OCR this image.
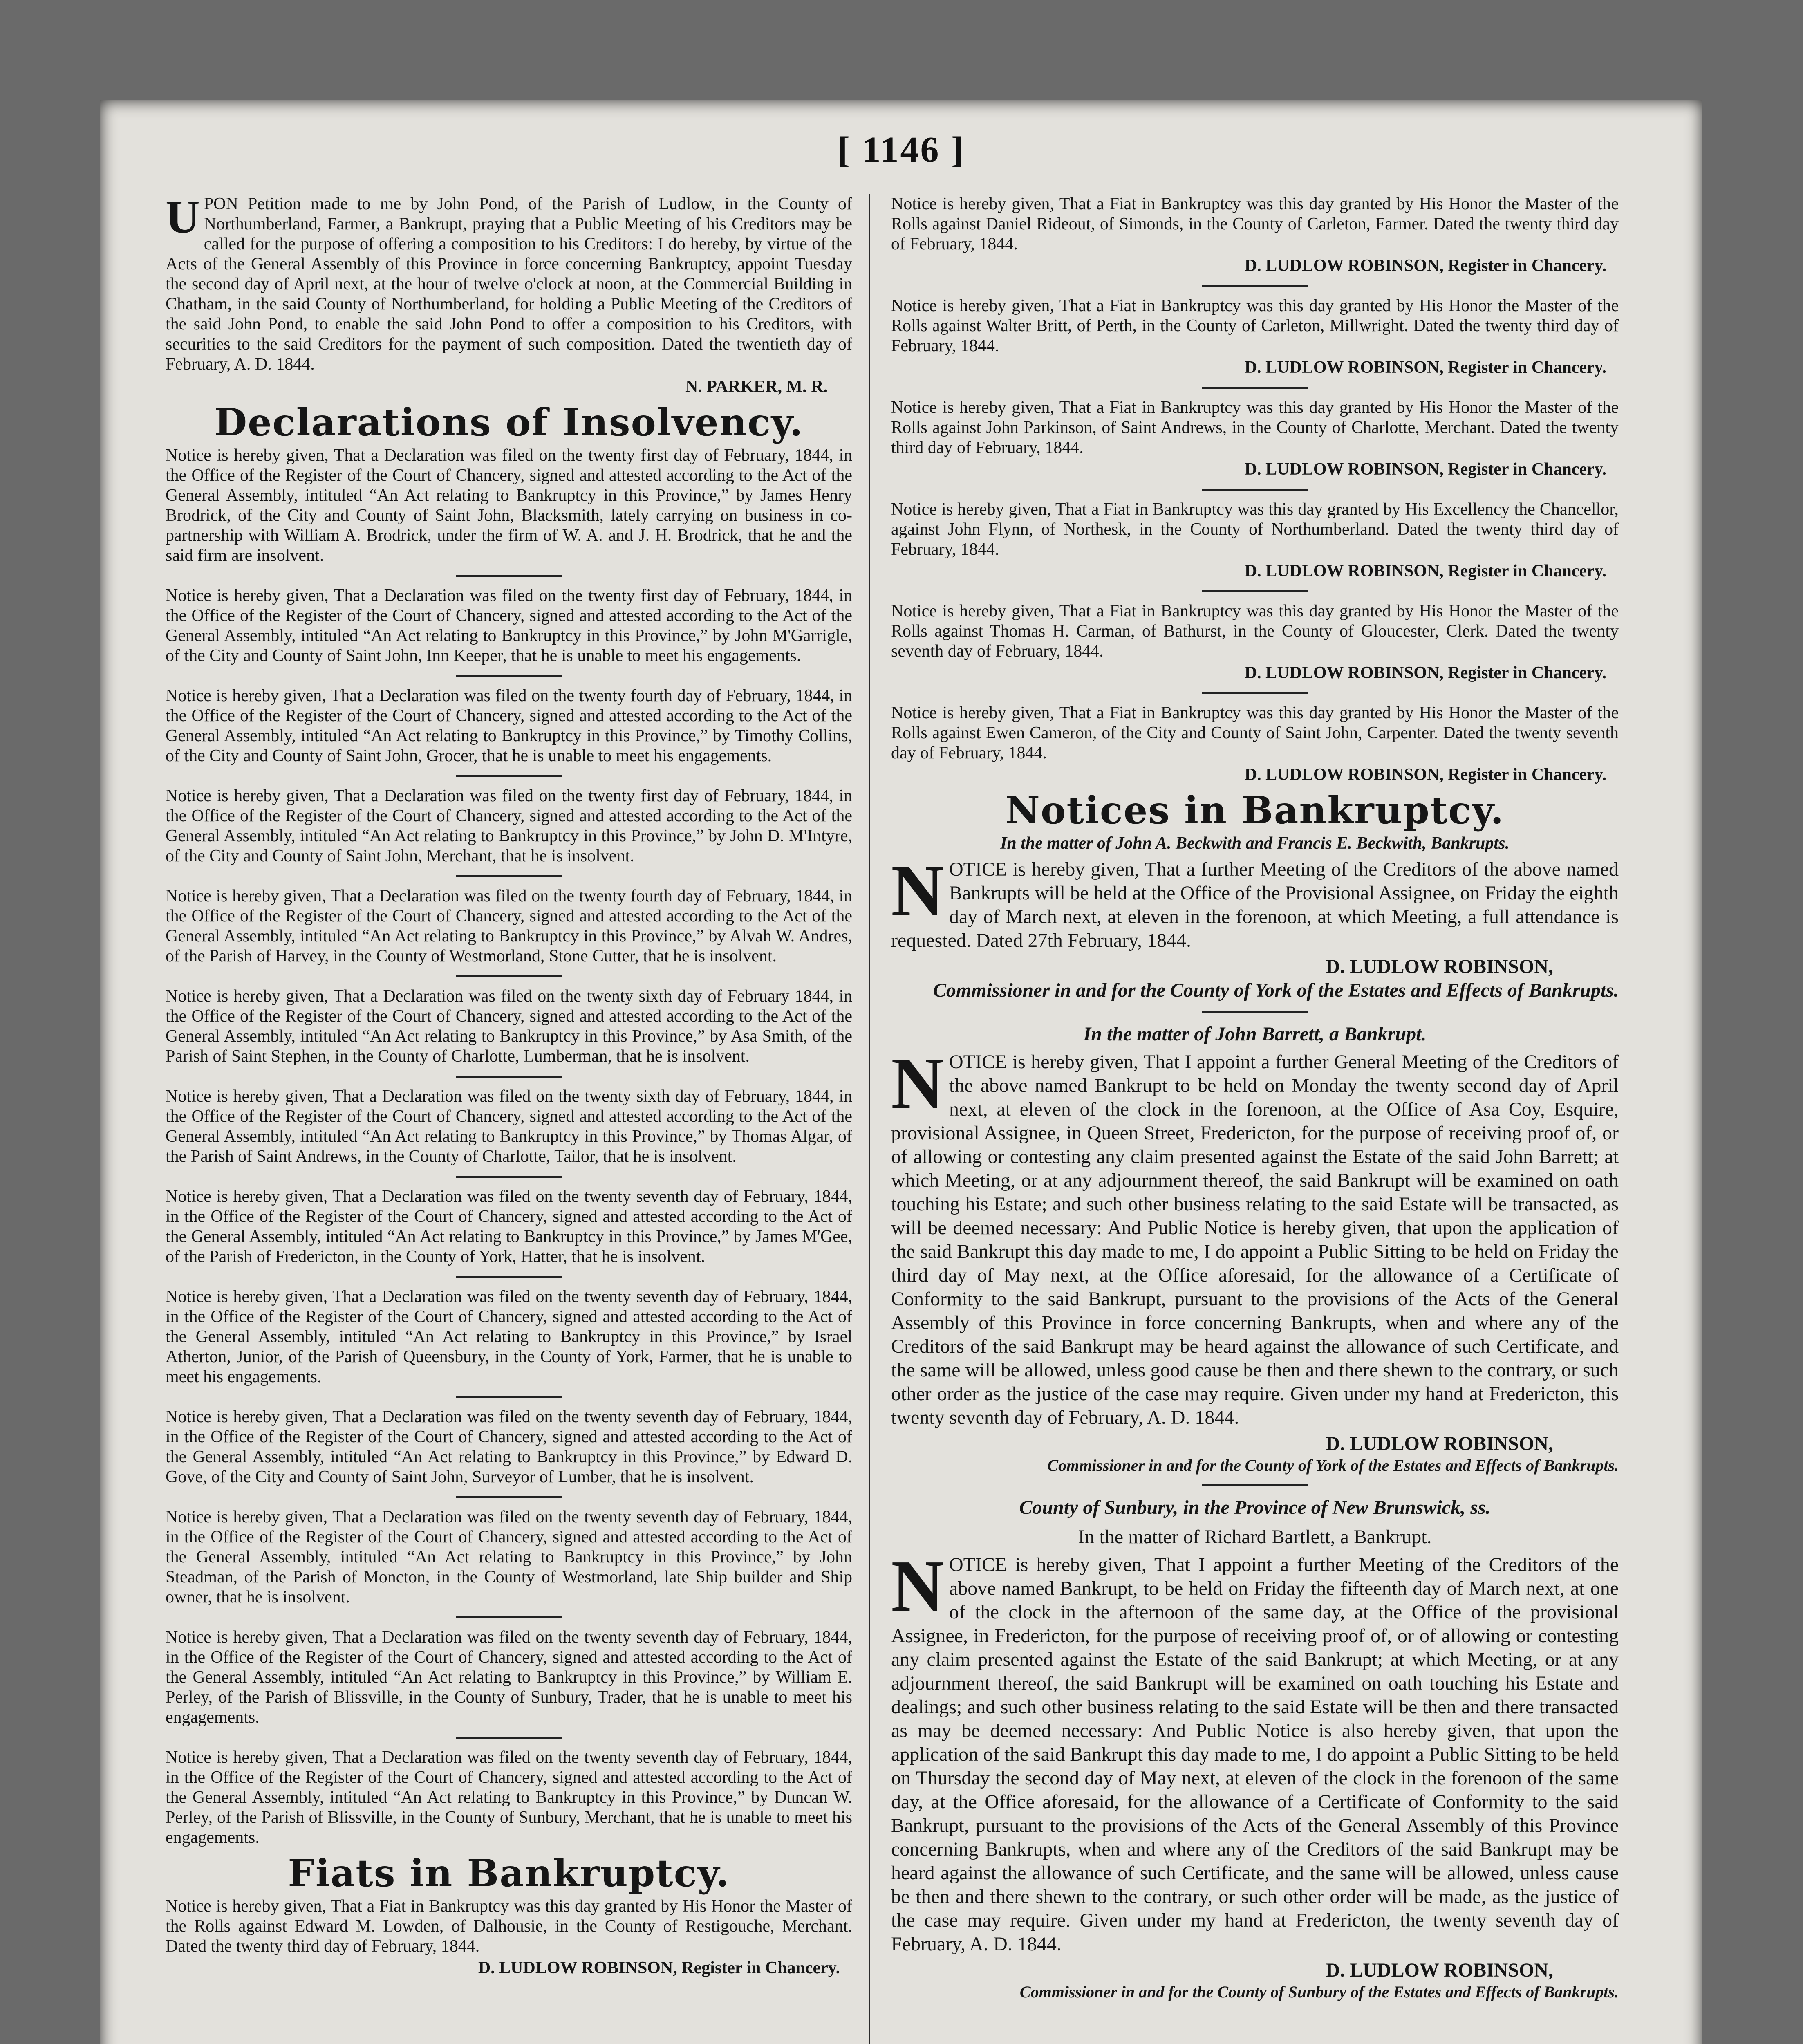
[ 1146 ]
U PON Petition made to me by John Pond, of the Parish of Ludlow, in the County of Northumberland, Farmer, a Bankrupt, praying that a Public Meeting of his Creditors may be called for the purpose of offering a composition to his Creditors: I do hereby, by virtue of the Acts of the General Assembly of this Province in force concerning Bankruptcy, appoint Tuesday the second day of April next, at the hour of twelve o'clock at noon, at the Commercial Building in Chatham, in the said County of Northumberland, for holding a Public Meeting of the Creditors of the said John Pond, to enable the said John Pond to offer a composition to his Creditors, with securities to the said Creditors for the payment of such composition. Dated the twentieth day of February, A. D. 1844.

N. PARKER, M. R.

Declarations of Insolvency.

Notice is hereby given, That a Declaration was filed on the twenty first day of February, 1844, in the Office of the Register of the Court of Chancery, signed and attested according to the Act of the General Assembly, intituled “An Act relating to Bankruptcy in this Province,” by James Henry Brodrick, of the City and County of Saint John, Blacksmith, lately carrying on business in co-partnership with William A. Brodrick, under the firm of W. A. and J. H. Brodrick, that he and the said firm are insolvent.

Notice is hereby given, That a Declaration was filed on the twenty first day of February, 1844, in the Office of the Register of the Court of Chancery, signed and attested according to the Act of the General Assembly, intituled “An Act relating to Bankruptcy in this Province,” by John M'Garrigle, of the City and County of Saint John, Inn Keeper, that he is unable to meet his engagements.

Notice is hereby given, That a Declaration was filed on the twenty fourth day of February, 1844, in the Office of the Register of the Court of Chancery, signed and attested according to the Act of the General Assembly, intituled “An Act relating to Bankruptcy in this Province,” by Timothy Collins, of the City and County of Saint John, Grocer, that he is unable to meet his engagements.

Notice is hereby given, That a Declaration was filed on the twenty first day of February, 1844, in the Office of the Register of the Court of Chancery, signed and attested according to the Act of the General Assembly, intituled “An Act relating to Bankruptcy in this Province,” by John D. M'Intyre, of the City and County of Saint John, Merchant, that he is insolvent.

Notice is hereby given, That a Declaration was filed on the twenty fourth day of February, 1844, in the Office of the Register of the Court of Chancery, signed and attested according to the Act of the General Assembly, intituled “An Act relating to Bankruptcy in this Province,” by Alvah W. Andres, of the Parish of Harvey, in the County of Westmorland, Stone Cutter, that he is insolvent.

Notice is hereby given, That a Declaration was filed on the twenty sixth day of February 1844, in the Office of the Register of the Court of Chancery, signed and attested according to the Act of the General Assembly, intituled “An Act relating to Bankruptcy in this Province,” by Asa Smith, of the Parish of Saint Stephen, in the County of Charlotte, Lumberman, that he is insolvent.

Notice is hereby given, That a Declaration was filed on the twenty sixth day of February, 1844, in the Office of the Register of the Court of Chancery, signed and attested according to the Act of the General Assembly, intituled “An Act relating to Bankruptcy in this Province,” by Thomas Algar, of the Parish of Saint Andrews, in the County of Charlotte, Tailor, that he is insolvent.

Notice is hereby given, That a Declaration was filed on the twenty seventh day of February, 1844, in the Office of the Register of the Court of Chancery, signed and attested according to the Act of the General Assembly, intituled “An Act relating to Bankruptcy in this Province,” by James M'Gee, of the Parish of Fredericton, in the County of York, Hatter, that he is insolvent.

Notice is hereby given, That a Declaration was filed on the twenty seventh day of February, 1844, in the Office of the Register of the Court of Chancery, signed and attested according to the Act of the General Assembly, intituled “An Act relating to Bankruptcy in this Province,” by Israel Atherton, Junior, of the Parish of Queensbury, in the County of York, Farmer, that he is unable to meet his engagements.

Notice is hereby given, That a Declaration was filed on the twenty seventh day of February, 1844, in the Office of the Register of the Court of Chancery, signed and attested according to the Act of the General Assembly, intituled “An Act relating to Bankruptcy in this Province,” by Edward D. Gove, of the City and County of Saint John, Surveyor of Lumber, that he is insolvent.

Notice is hereby given, That a Declaration was filed on the twenty seventh day of February, 1844, in the Office of the Register of the Court of Chancery, signed and attested according to the Act of the General Assembly, intituled “An Act relating to Bankruptcy in this Province,” by John Steadman, of the Parish of Moncton, in the County of Westmorland, late Ship builder and Ship owner, that he is insolvent.

Notice is hereby given, That a Declaration was filed on the twenty seventh day of February, 1844, in the Office of the Register of the Court of Chancery, signed and attested according to the Act of the General Assembly, intituled “An Act relating to Bankruptcy in this Province,” by William E. Perley, of the Parish of Blissville, in the County of Sunbury, Trader, that he is unable to meet his engagements.

Notice is hereby given, That a Declaration was filed on the twenty seventh day of February, 1844, in the Office of the Register of the Court of Chancery, signed and attested according to the Act of the General Assembly, intituled “An Act relating to Bankruptcy in this Province,” by Duncan W. Perley, of the Parish of Blissville, in the County of Sunbury, Merchant, that he is unable to meet his engagements.

Fiats in Bankruptcy.

Notice is hereby given, That a Fiat in Bankruptcy was this day granted by His Honor the Master of the Rolls against Edward M. Lowden, of Dalhousie, in the County of Restigouche, Merchant. Dated the twenty third day of February, 1844.

D. LUDLOW ROBINSON, Register in Chancery.

Notice is hereby given, That a Fiat in Bankruptcy was this day granted by His Honor the Master of the Rolls against Daniel Rideout, of Simonds, in the County of Carleton, Farmer. Dated the twenty third day of February, 1844.

D. LUDLOW ROBINSON, Register in Chancery.

Notice is hereby given, That a Fiat in Bankruptcy was this day granted by His Honor the Master of the Rolls against Walter Britt, of Perth, in the County of Carleton, Millwright. Dated the twenty third day of February, 1844.

D. LUDLOW ROBINSON, Register in Chancery.

Notice is hereby given, That a Fiat in Bankruptcy was this day granted by His Honor the Master of the Rolls against John Parkinson, of Saint Andrews, in the County of Charlotte, Merchant. Dated the twenty third day of February, 1844.

D. LUDLOW ROBINSON, Register in Chancery.

Notice is hereby given, That a Fiat in Bankruptcy was this day granted by His Excellency the Chancellor, against John Flynn, of Northesk, in the County of Northumberland. Dated the twenty third day of February, 1844.

D. LUDLOW ROBINSON, Register in Chancery.

Notice is hereby given, That a Fiat in Bankruptcy was this day granted by His Honor the Master of the Rolls against Thomas H. Carman, of Bathurst, in the County of Gloucester, Clerk. Dated the twenty seventh day of February, 1844.

D. LUDLOW ROBINSON, Register in Chancery.

Notice is hereby given, That a Fiat in Bankruptcy was this day granted by His Honor the Master of the Rolls against Ewen Cameron, of the City and County of Saint John, Carpenter. Dated the twenty seventh day of February, 1844.

D. LUDLOW ROBINSON, Register in Chancery.

Notices in Bankruptcy.

In the matter of John A. Beckwith and Francis E. Beckwith, Bankrupts.

N OTICE is hereby given, That a further Meeting of the Creditors of the above named Bankrupts will be held at the Office of the Provisional Assignee, on Friday the eighth day of March next, at eleven in the forenoon, at which Meeting, a full attendance is requested. Dated 27th February, 1844.

D. LUDLOW ROBINSON,

Commissioner in and for the County of York of the Estates and Effects of Bankrupts.

In the matter of John Barrett, a Bankrupt.

N OTICE is hereby given, That I appoint a further General Meeting of the Creditors of the above named Bankrupt to be held on Monday the twenty second day of April next, at eleven of the clock in the forenoon, at the Office of Asa Coy, Esquire, provisional Assignee, in Queen Street, Fredericton, for the purpose of receiving proof of, or of allowing or contesting any claim presented against the Estate of the said John Barrett; at which Meeting, or at any adjournment thereof, the said Bankrupt will be examined on oath touching his Estate; and such other business relating to the said Estate will be transacted, as will be deemed necessary: And Public Notice is hereby given, that upon the application of the said Bankrupt this day made to me, I do appoint a Public Sitting to be held on Friday the third day of May next, at the Office aforesaid, for the allowance of a Certificate of Conformity to the said Bankrupt, pursuant to the provisions of the Acts of the General Assembly of this Province in force concerning Bankrupts, when and where any of the Creditors of the said Bankrupt may be heard against the allowance of such Certificate, and the same will be allowed, unless good cause be then and there shewn to the contrary, or such other order as the justice of the case may require. Given under my hand at Fredericton, this twenty seventh day of February, A. D. 1844.

D. LUDLOW ROBINSON,

Commissioner in and for the County of York of the Estates and Effects of Bankrupts.

County of Sunbury, in the Province of New Brunswick, ss.

In the matter of Richard Bartlett, a Bankrupt.

N OTICE is hereby given, That I appoint a further Meeting of the Creditors of the above named Bankrupt, to be held on Friday the fifteenth day of March next, at one of the clock in the afternoon of the same day, at the Office of the provisional Assignee, in Fredericton, for the purpose of receiving proof of, or of allowing or contesting any claim presented against the Estate of the said Bankrupt; at which Meeting, or at any adjournment thereof, the said Bankrupt will be examined on oath touching his Estate and dealings; and such other business relating to the said Estate will be then and there transacted as may be deemed necessary: And Public Notice is also hereby given, that upon the application of the said Bankrupt this day made to me, I do appoint a Public Sitting to be held on Thursday the second day of May next, at eleven of the clock in the forenoon of the same day, at the Office aforesaid, for the allowance of a Certificate of Conformity to the said Bankrupt, pursuant to the provisions of the Acts of the General Assembly of this Province concerning Bankrupts, when and where any of the Creditors of the said Bankrupt may be heard against the allowance of such Certificate, and the same will be allowed, unless cause be then and there shewn to the contrary, or such other order will be made, as the justice of the case may require. Given under my hand at Fredericton, the twenty seventh day of February, A. D. 1844.

D. LUDLOW ROBINSON,

Commissioner in and for the County of Sunbury of the Estates and Effects of Bankrupts.
